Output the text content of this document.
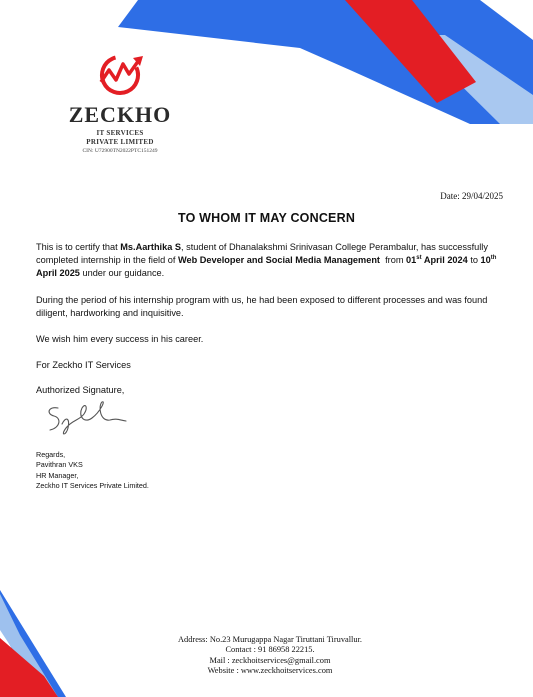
ZECKHO
IT SERVICES
PRIVATE LIMITED
CIN: U72900TN2022PTC151249
Date: 29/04/2025
TO WHOM IT MAY CONCERN

This is to certify that Ms.Aarthika S, student of Dhanalakshmi Srinivasan College Perambalur, has successfully completed internship in the field of Web Developer and Social Media Management  from 01st April 2024 to 10th April 2025 under our guidance.

During the period of his internship program with us, he had been exposed to different processes and was found diligent, hardworking and inquisitive.

We wish him every success in his career.

For Zeckho IT Services

Authorized Signature,

Regards,
Pavithran VKS
HR Manager,
Zeckho IT Services Private Limited.
Address: No.23 Murugappa Nagar Tiruttani Tiruvallur.
Contact : 91 86958 22215.
Mail : zeckhoitservices@gmail.com
Website : www.zeckhoitservices.com
